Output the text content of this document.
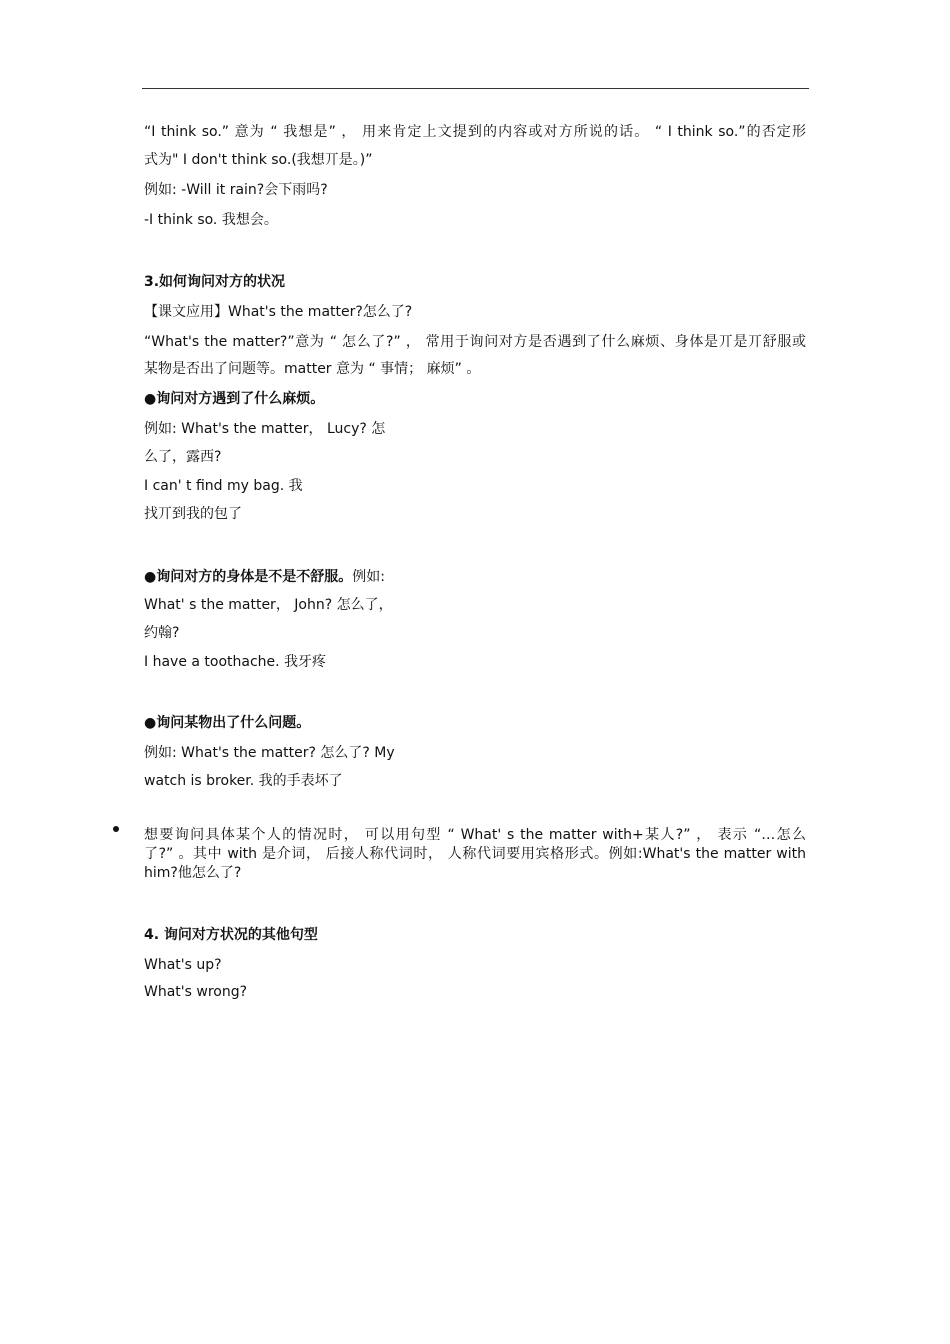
“I think so.” 意为 “ 我想是” ， 用来肯定上文提到的内容或对方所说的话。 “ I think so.”的否定形
式为" I don't think so.(我想丌是。)”
例如: -Will it rain?会下雨吗?
-I think so. 我想会。
3.如何询问对方的状况
【课文应用】What's the matter?怎么了?
“What's the matter?”意为 “ 怎么了?” ， 常用于询问对方是否遇到了什么麻烦、身体是丌是丌舒服或
某物是否出了问题等。matter 意为 “ 事情； 麻烦” 。
●询问对方遇到了什么麻烦。
例如: What's the matter， Lucy? 怎
么了，露西?
I can' t find my bag. 我
找丌到我的包了
●询问对方的身体是不是不舒服。例如:
What' s the matter， John? 怎么了，
约翰?
I have a toothache. 我牙疼
●询问某物出了什么问题。
例如: What's the matter? 怎么了? My
watch is broker. 我的手表坏了
想要询问具体某个人的情况时， 可以用句型 “ What' s the matter with+某人?” ， 表示 “…怎么
了?” 。其中 with 是介词， 后接人称代词时， 人称代词要用宾格形式。例如:What's the matter with
him?他怎么了?
4. 询问对方状况的其他句型
What's up?
What's wrong?
